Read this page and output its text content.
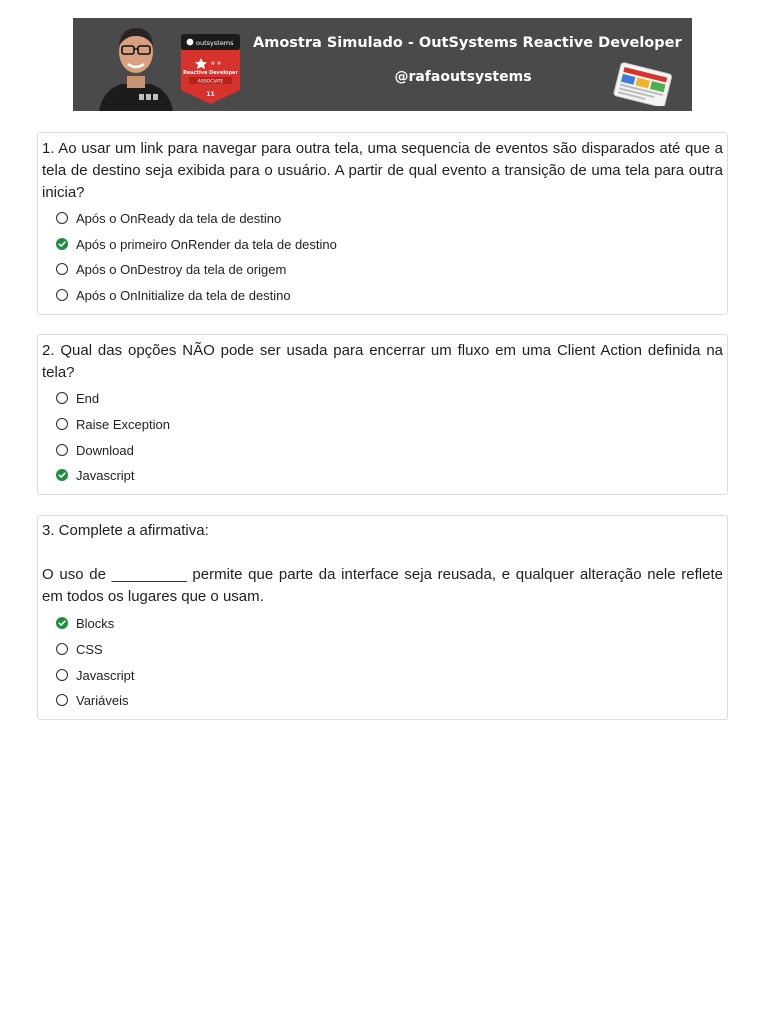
outsystems
Reactive Developer
ASSOCIATE
11
Amostra Simulado - OutSystems Reactive Developer
@rafaoutsystems

1. Ao usar um link para navegar para outra tela, uma sequencia de eventos são disparados até que a tela de destino seja exibida para o usuário. A partir de qual evento a transição de uma tela para outra inicia?

Após o OnReady da tela de destino
Após o primeiro OnRender da tela de destino
Após o OnDestroy da tela de origem
Após o OnInitialize da tela de destino

2. Qual das opções NÃO pode ser usada para encerrar um fluxo em uma Client Action definida na tela?

End
Raise Exception
Download
Javascript

3. Complete a afirmativa:

O uso de _________ permite que parte da interface seja reusada, e qualquer alteração nele reflete em todos os lugares que o usam.

Blocks
CSS
Javascript
Variáveis
